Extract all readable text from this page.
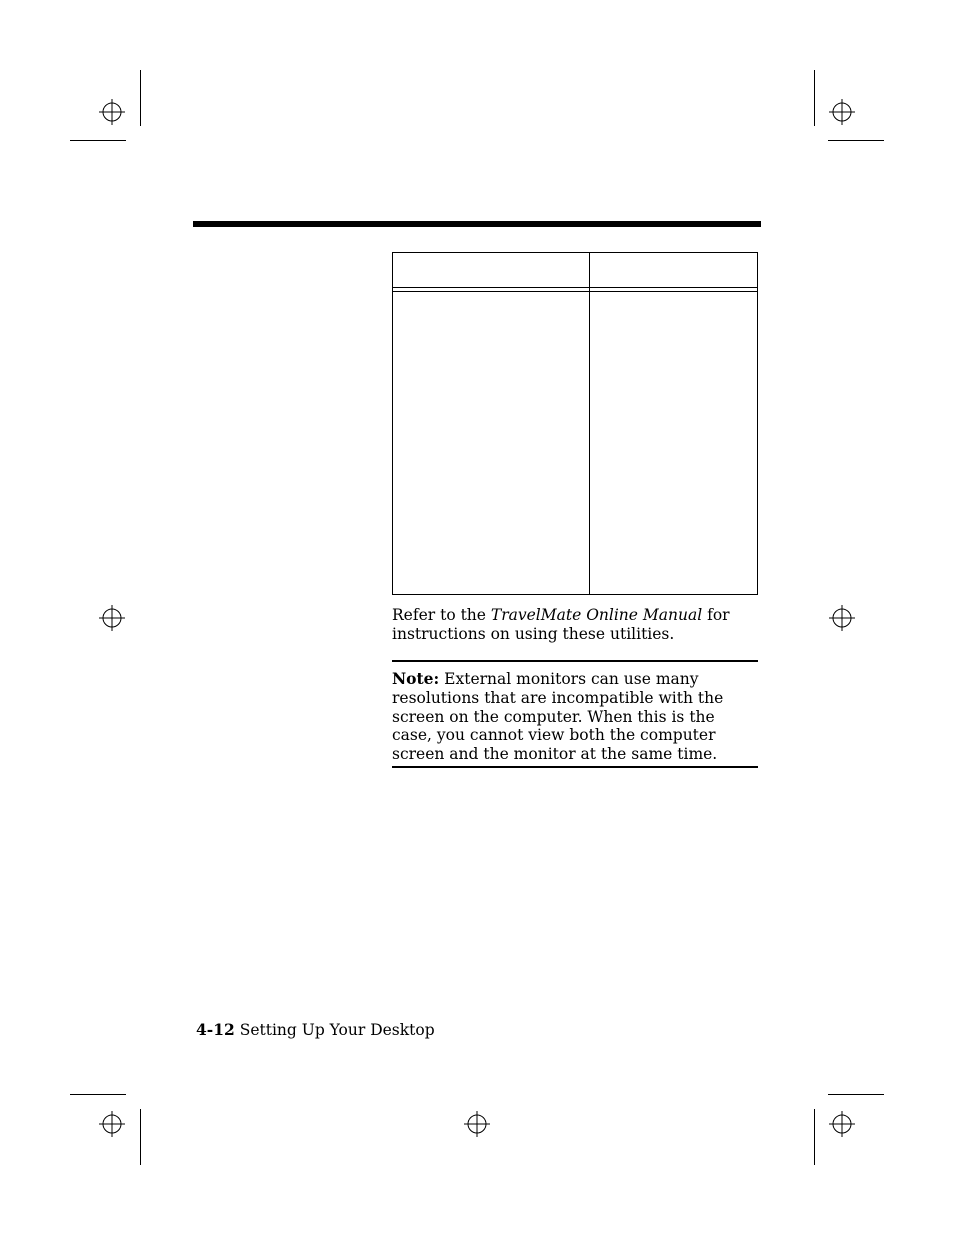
Refer to the TravelMate Online Manual for instructions on using these utilities.
Note: External monitors can use many resolutions that are incompatible with the screen on the computer. When this is the case, you cannot view both the computer screen and the monitor at the same time.
4-12 Setting Up Your Desktop
